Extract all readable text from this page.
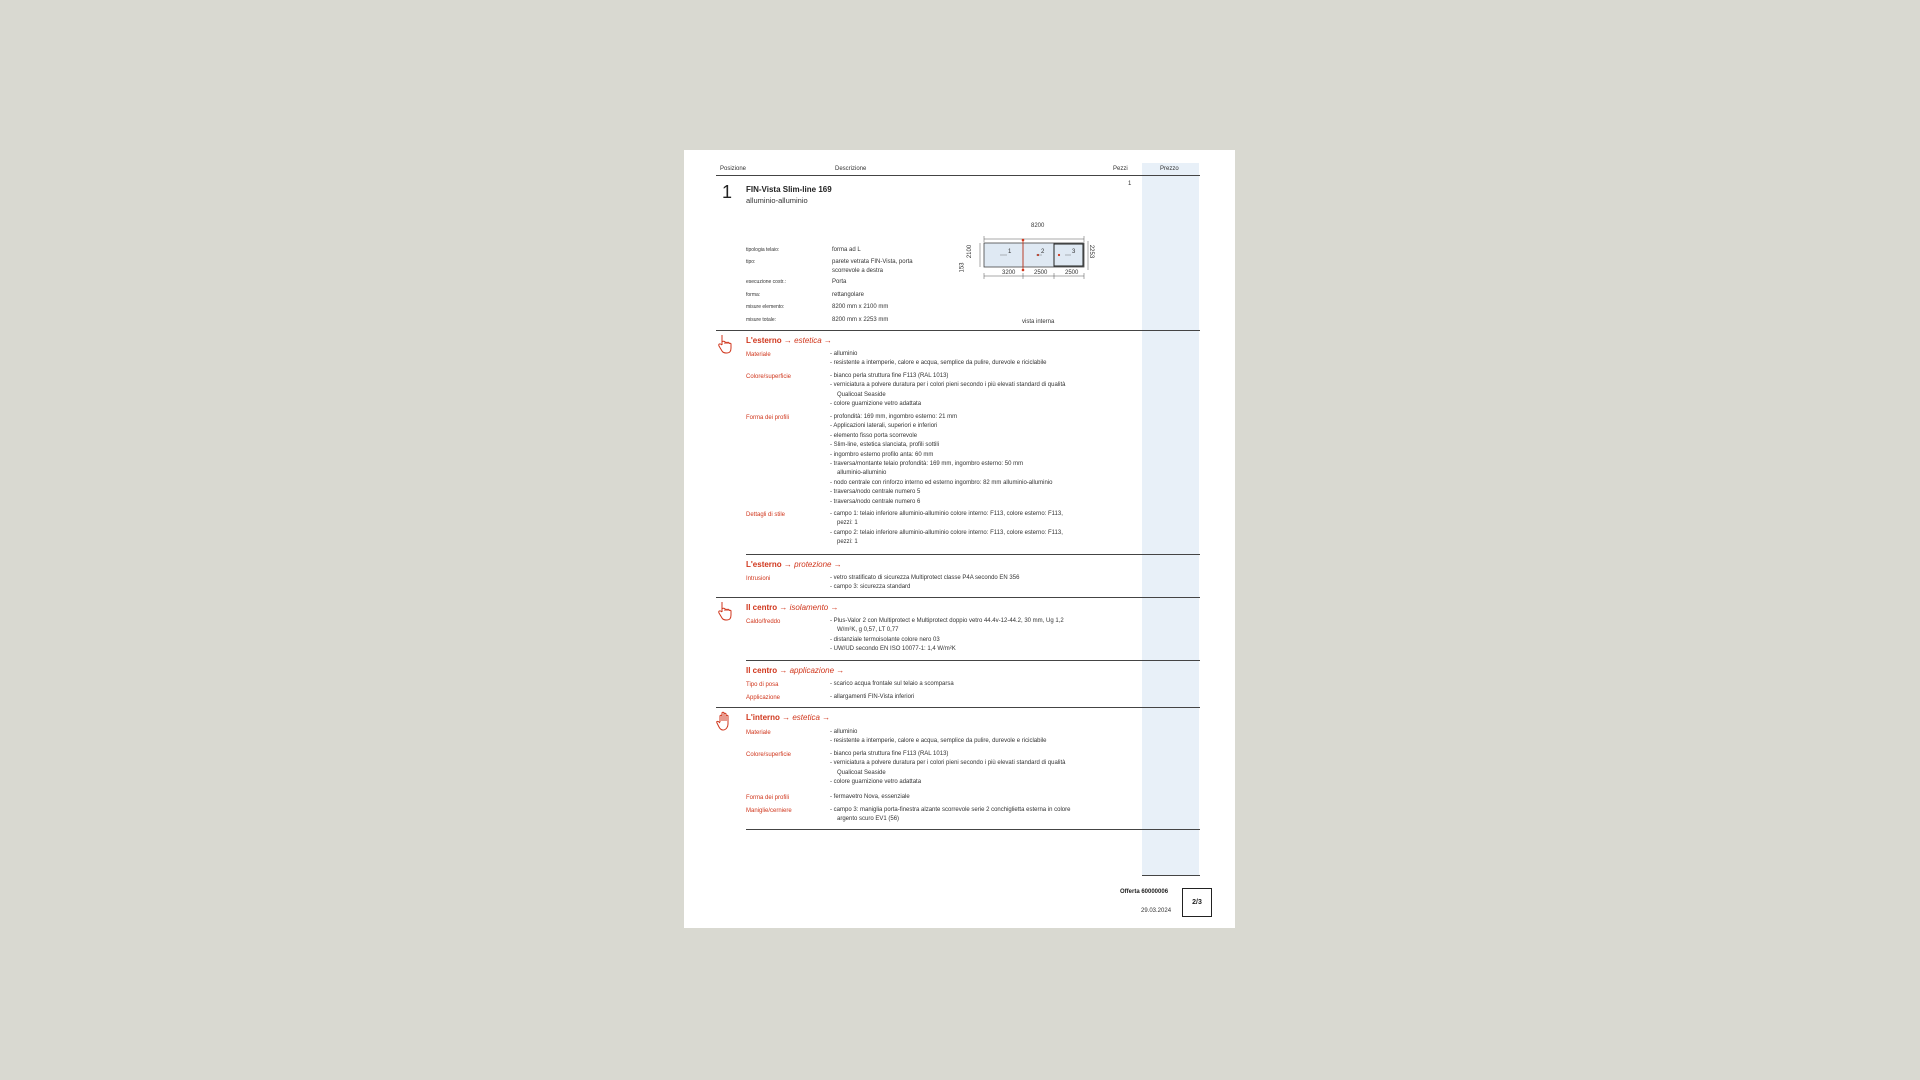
Posizione	Descrizione	Pezzi	Prezzo
1	1
FIN-Vista Slim-line 169
alluminio-alluminio
tipologia telaio:	forma ad L
tipo:	parete vetrata FIN-Vista, porta
scorrevole a destra
esecuzione costr.:	Porta
forma:	rettangolare
misure elemento:	8200 mm x 2100 mm
misure totale:	8200 mm x 2253 mm
8200
1	2	3
2100
153
2253
3200	2500	2500
vista interna
L'esterno → estetica →
Materiale	- alluminio
- resistente a intemperie, calore e acqua, semplice da pulire, durevole e riciclabile
Colore/superficie	- bianco perla struttura fine F113 (RAL 1013)
- verniciatura a polvere duratura per i colori pieni secondo i più elevati standard di qualità
Qualicoat Seaside
- colore guarnizione vetro adattata
Forma dei profili	- profondità: 169 mm, ingombro esterno: 21 mm
- Applicazioni laterali, superiori e inferiori
- elemento fisso porta scorrevole
- Slim-line, estetica slanciata, profili sottili
- ingombro esterno profilo anta: 60 mm
- traversa/montante telaio profondità: 169 mm, ingombro esterno: 50 mm
alluminio-alluminio
- nodo centrale con rinforzo interno ed esterno ingombro: 82 mm alluminio-alluminio
- traversa/nodo centrale numero 5
- traversa/nodo centrale numero 6
Dettagli di stile	- campo 1: telaio inferiore alluminio-alluminio colore interno: F113, colore esterno: F113,
pezzi: 1
- campo 2: telaio inferiore alluminio-alluminio colore interno: F113, colore esterno: F113,
pezzi: 1
L'esterno → protezione →
Intrusioni	- vetro stratificato di sicurezza Multiprotect classe P4A secondo EN 356
- campo 3: sicurezza standard
Il centro → isolamento →
Caldo/freddo	- Plus-Valor 2 con Multiprotect e Multiprotect doppio vetro 44.4v-12-44.2, 30 mm, Ug 1,2
W/m²K, g 0,57, LT 0,77
- distanziale termoisolante colore nero 03
- UW/UD secondo EN ISO 10077-1: 1,4 W/m²K
Il centro → applicazione →
Tipo di posa	- scarico acqua frontale sul telaio a scomparsa
Applicazione	- allargamenti FIN-Vista inferiori
L'interno → estetica →
Materiale	- alluminio
- resistente a intemperie, calore e acqua, semplice da pulire, durevole e riciclabile
Colore/superficie	- bianco perla struttura fine F113 (RAL 1013)
- verniciatura a polvere duratura per i colori pieni secondo i più elevati standard di qualità
Qualicoat Seaside
- colore guarnizione vetro adattata
Forma dei profili	- fermavetro Nova, essenziale
Maniglie/cerniere	- campo 3: maniglia porta-finestra alzante scorrevole serie 2 conchiglietta esterna in colore
argento scuro EV1 (56)
Offerta 60000006
29.03.2024
2/3
